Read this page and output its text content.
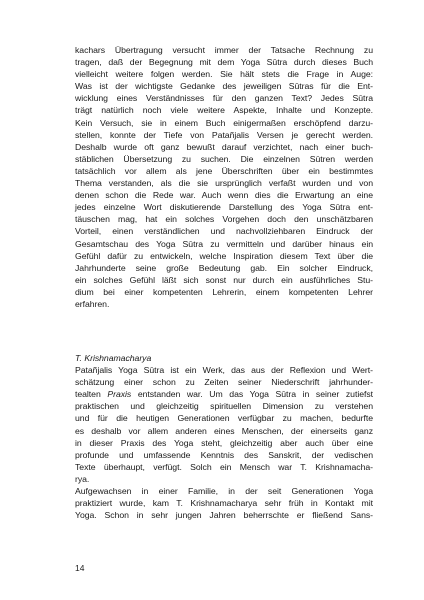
kachars Übertragung versucht immer der Tatsache Rechnung zu
tragen, daß der Begegnung mit dem Yoga Sūtra durch dieses Buch
vielleicht weitere folgen werden. Sie hält stets die Frage in Auge:
Was ist der wichtigste Gedanke des jeweiligen Sūtras für die Ent-
wicklung eines Verständnisses für den ganzen Text? Jedes Sūtra
trägt natürlich noch viele weitere Aspekte, Inhalte und Konzepte.
Kein Versuch, sie in einem Buch einigermaßen erschöpfend darzu-
stellen, konnte der Tiefe von Patañjalis Versen je gerecht werden.
Deshalb wurde oft ganz bewußt darauf verzichtet, nach einer buch-
stäblichen Übersetzung zu suchen. Die einzelnen Sūtren werden
tatsächlich vor allem als jene Überschriften über ein bestimmtes
Thema verstanden, als die sie ursprünglich verfaßt wurden und von
denen schon die Rede war. Auch wenn dies die Erwartung an eine
jedes einzelne Wort diskutierende Darstellung des Yoga Sūtra ent-
täuschen mag, hat ein solches Vorgehen doch den unschätzbaren
Vorteil, einen verständlichen und nachvollziehbaren Eindruck der
Gesamtschau des Yoga Sūtra zu vermitteln und darüber hinaus ein
Gefühl dafür zu entwickeln, welche Inspiration diesem Text über die
Jahrhunderte seine große Bedeutung gab. Ein solcher Eindruck,
ein solches Gefühl läßt sich sonst nur durch ein ausführliches Stu-
dium bei einer kompetenten Lehrerin, einem kompetenten Lehrer
erfahren.
T. Krishnamacharya
Patañjalis Yoga Sūtra ist ein Werk, das aus der Reflexion und Wert-
schätzung einer schon zu Zeiten seiner Niederschrift jahrhunder-
tealten Praxis entstanden war. Um das Yoga Sūtra in seiner zutiefst
praktischen und gleichzeitig spirituellen Dimension zu verstehen
und für die heutigen Generationen verfügbar zu machen, bedurfte
es deshalb vor allem anderen eines Menschen, der einerseits ganz
in dieser Praxis des Yoga steht, gleichzeitig aber auch über eine
profunde und umfassende Kenntnis des Sanskrit, der vedischen
Texte überhaupt, verfügt. Solch ein Mensch war T. Krishnamacha-
rya.
Aufgewachsen in einer Familie, in der seit Generationen Yoga
praktiziert wurde, kam T. Krishnamacharya sehr früh in Kontakt mit
Yoga. Schon in sehr jungen Jahren beherrschte er fließend Sans-
14
